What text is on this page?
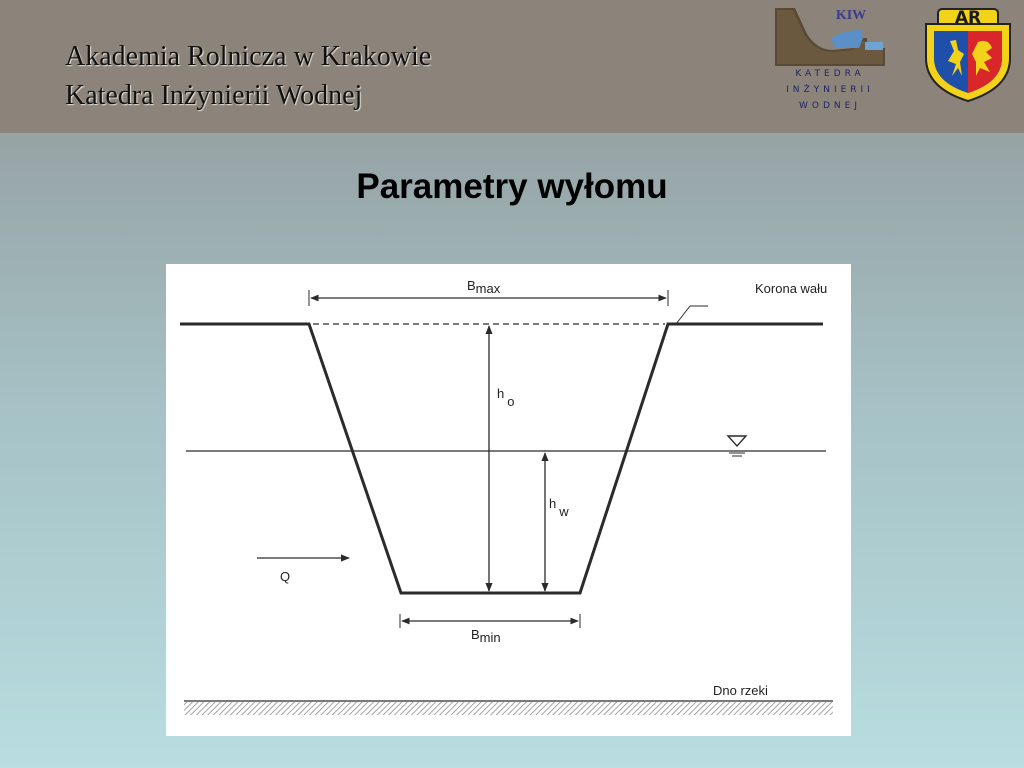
Akademia Rolnicza w Krakowie
Katedra Inżynierii Wodnej
KIW
KATEDRA
INŻYNIERII
WODNEJ
AR
Parametry wyłomu
Bmax
ho
hw
Bmin
Q
Korona wału
Dno rzeki
